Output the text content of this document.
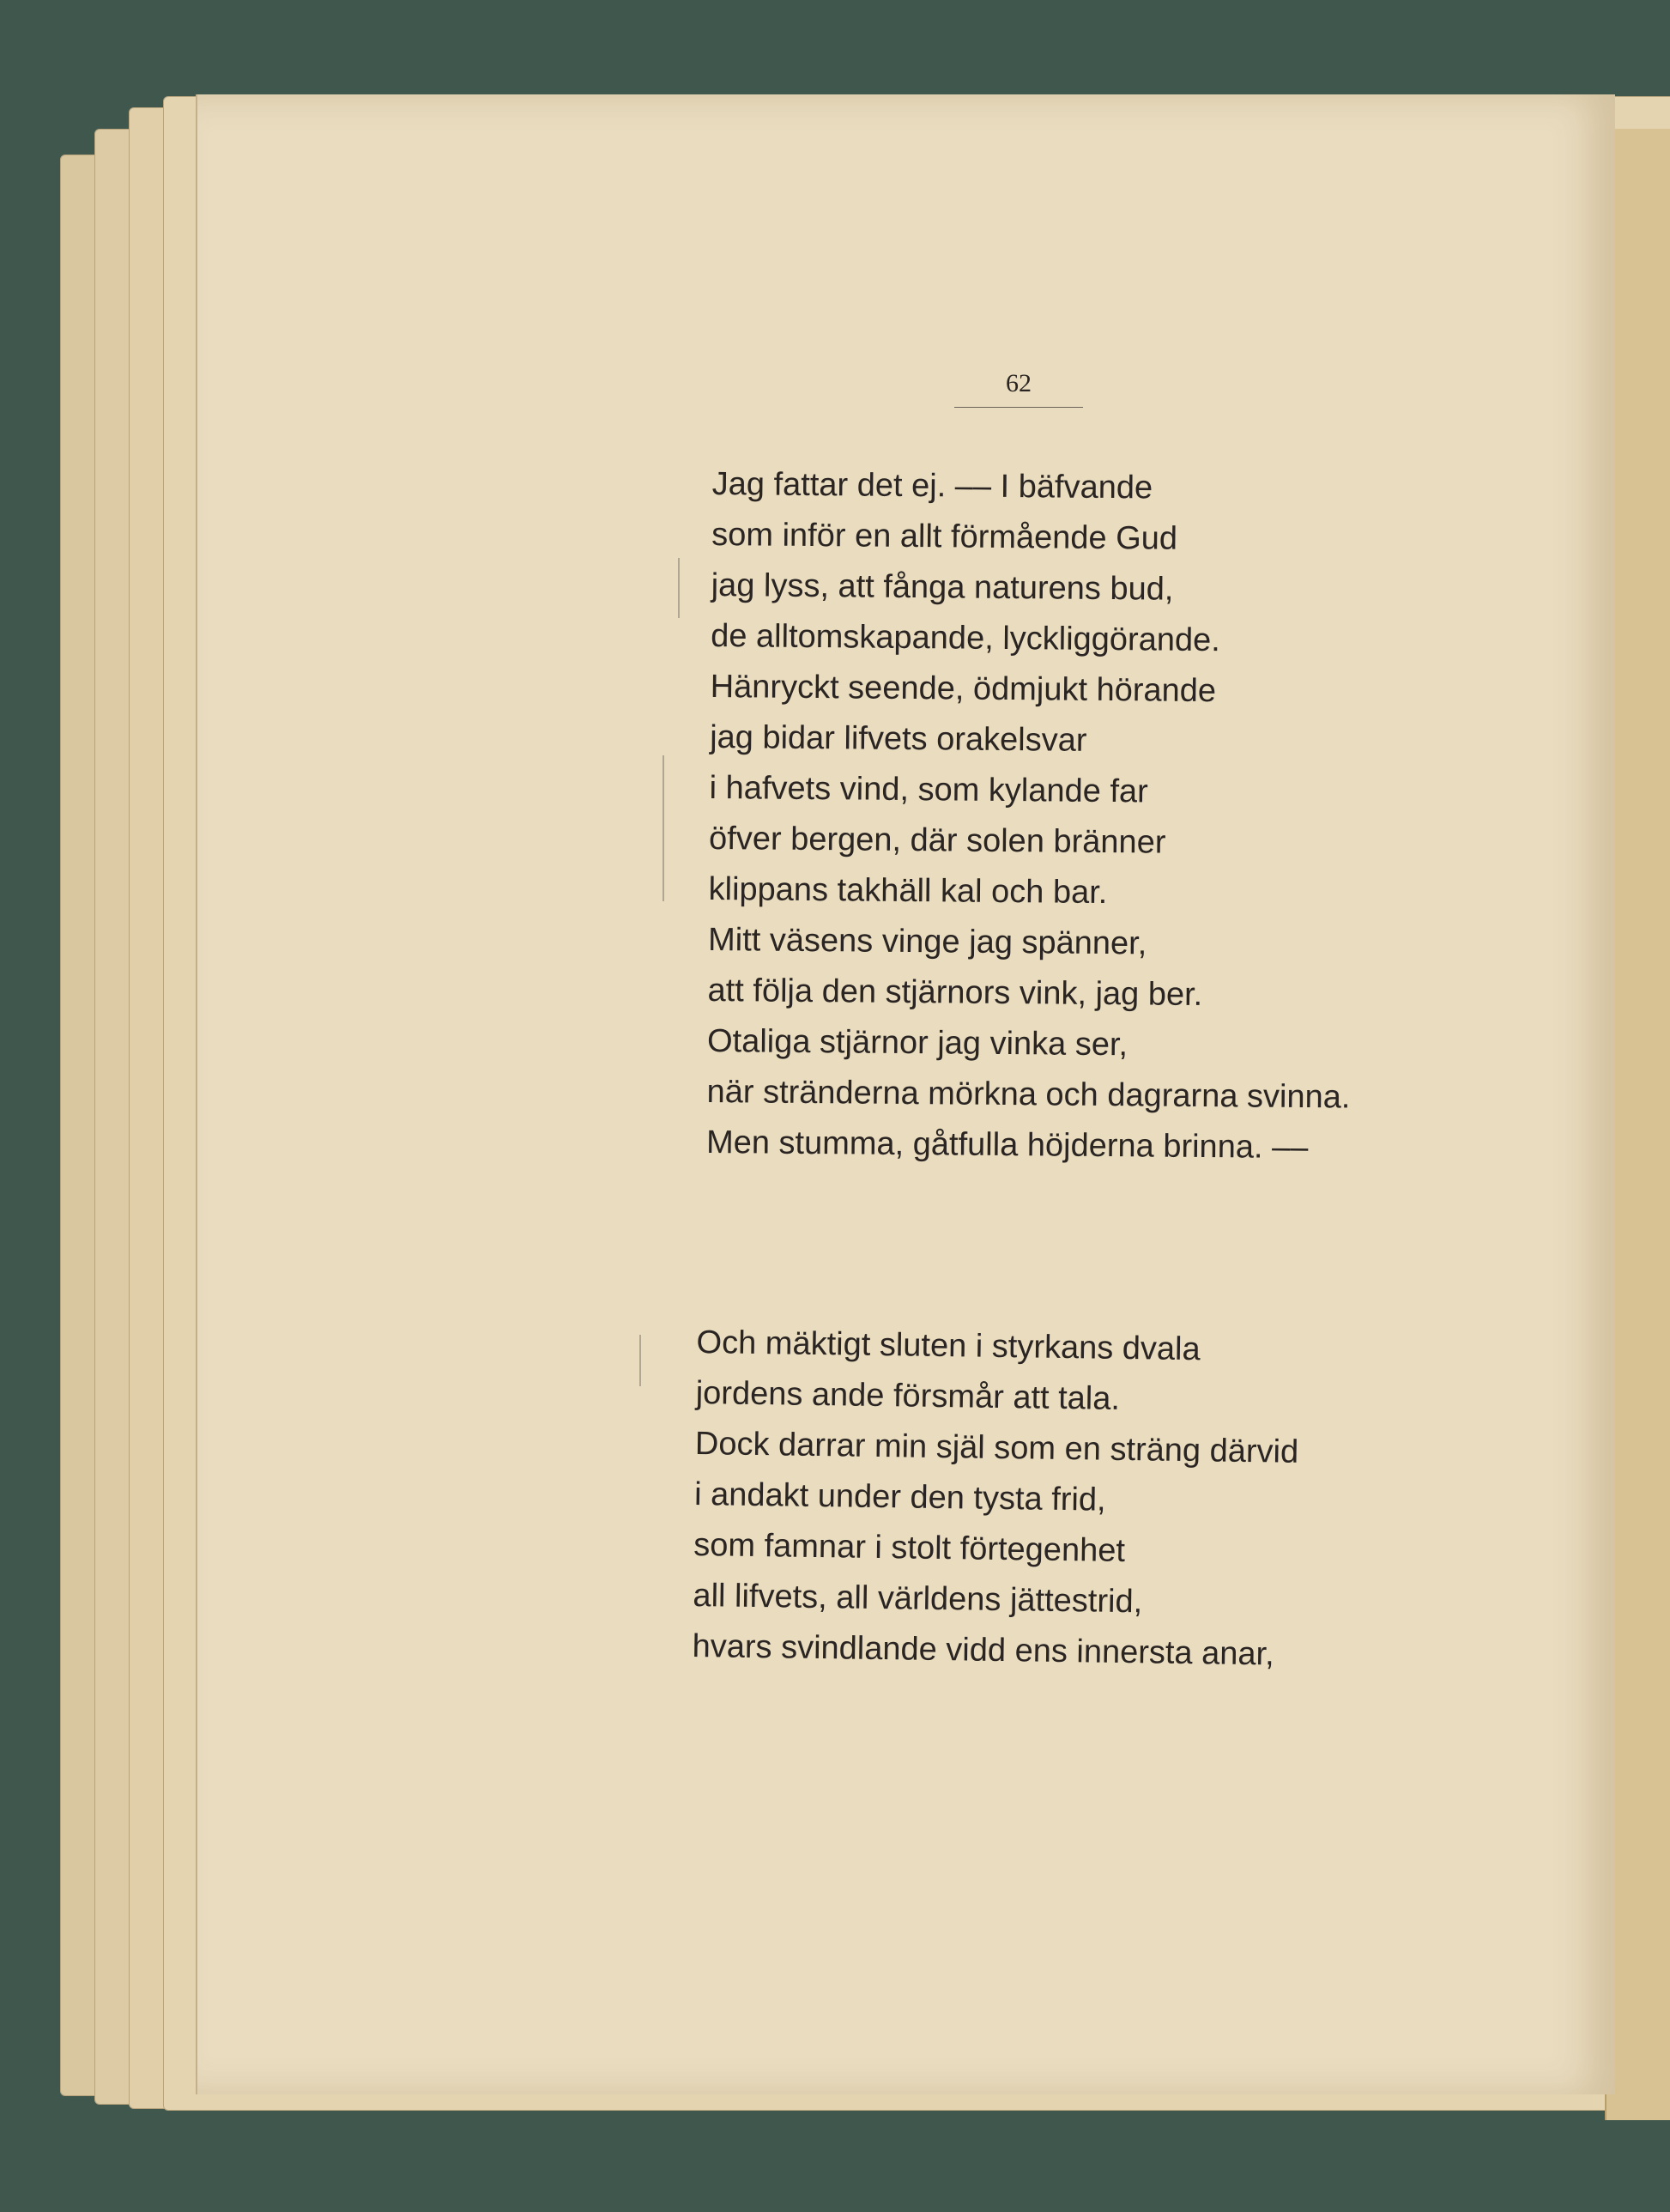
62
Jag fattar det ej. –– I bäfvande
som inför en allt förmående Gud
jag lyss, att fånga naturens bud,
de alltomskapande, lyckliggörande.
Hänryckt seende, ödmjukt hörande
jag bidar lifvets orakelsvar
i hafvets vind, som kylande far
öfver bergen, där solen bränner
klippans takhäll kal och bar.
Mitt väsens vinge jag spänner,
att följa den stjärnors vink, jag ber.
Otaliga stjärnor jag vinka ser,
när stränderna mörkna och dagrarna svinna.
Men stumma, gåtfulla höjderna brinna. ––
Och mäktigt sluten i styrkans dvala
jordens ande försmår att tala.
Dock darrar min själ som en sträng därvid
i andakt under den tysta frid,
som famnar i stolt förtegenhet
all lifvets, all världens jättestrid,
hvars svindlande vidd ens innersta anar,
